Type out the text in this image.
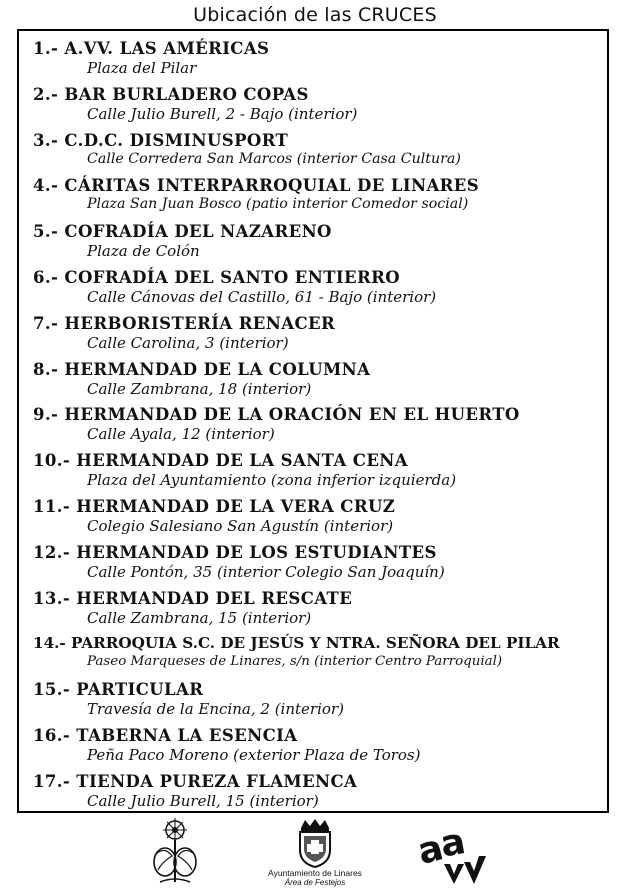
Ubicación de las CRUCES
1.- A.VV. LAS AMÉRICAS
Plaza del Pilar
2.- BAR BURLADERO COPAS
Calle Julio Burell, 2 - Bajo (interior)
3.- C.D.C. DISMINUSPORT
Calle Corredera San Marcos (interior Casa Cultura)
4.- CÁRITAS INTERPARROQUIAL DE LINARES
Plaza San Juan Bosco (patio interior Comedor social)
5.- COFRADÍA DEL NAZARENO
Plaza de Colón
6.- COFRADÍA DEL SANTO ENTIERRO
Calle Cánovas del Castillo, 61 - Bajo (interior)
7.- HERBORISTERÍA RENACER
Calle Carolina, 3 (interior)
8.- HERMANDAD DE LA COLUMNA
Calle Zambrana, 18 (interior)
9.- HERMANDAD DE LA ORACIÓN EN EL HUERTO
Calle Ayala, 12 (interior)
10.- HERMANDAD DE LA SANTA CENA
Plaza del Ayuntamiento (zona inferior izquierda)
11.- HERMANDAD DE LA VERA CRUZ
Colegio Salesiano San Agustín (interior)
12.- HERMANDAD DE LOS ESTUDIANTES
Calle Pontón, 35 (interior Colegio San Joaquín)
13.- HERMANDAD DEL RESCATE
Calle Zambrana, 15 (interior)
14.- PARROQUIA S.C. DE JESÚS Y NTRA. SEÑORA DEL PILAR
Paseo Marqueses de Linares, s/n (interior Centro Parroquial)
15.- PARTICULAR
Travesía de la Encina, 2 (interior)
16.- TABERNA LA ESENCIA
Peña Paco Moreno (exterior Plaza de Toros)
17.- TIENDA PUREZA FLAMENCA
Calle Julio Burell, 15 (interior)
Ayuntamiento de Linares
Área de Festejos
a
a
